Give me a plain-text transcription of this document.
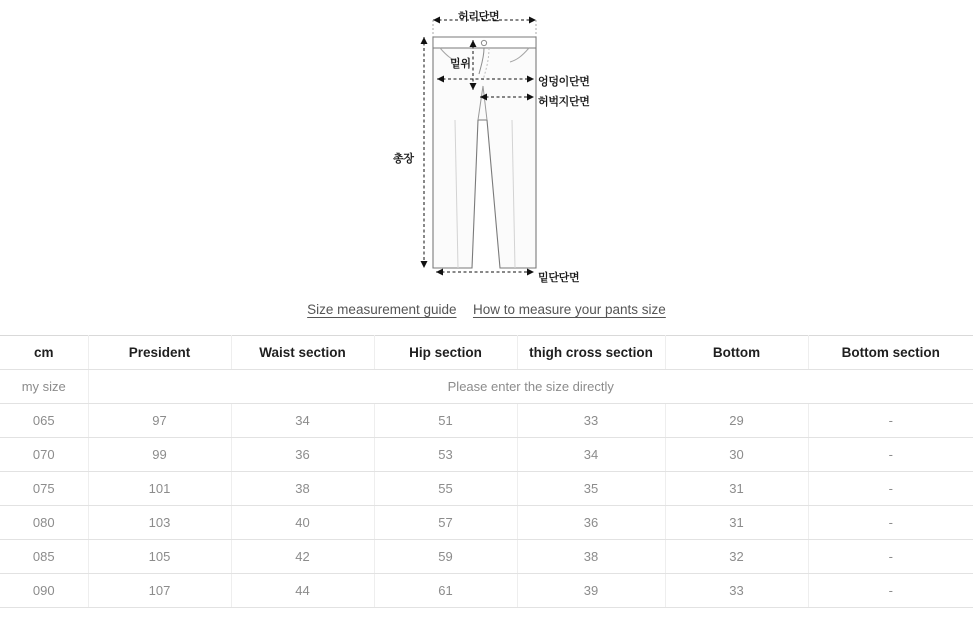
허리단면
밑위
엉덩이단면
허벅지단면
총장
밑단단면
Size measurement guide How to measure your pants size
cm	President	Waist section	Hip section	thigh cross section	Bottom	Bottom section
my size	Please enter the size directly					
065	97	34	51	33	29	-
070	99	36	53	34	30	-
075	101	38	55	35	31	-
080	103	40	57	36	31	-
085	105	42	59	38	32	-
090	107	44	61	39	33	-
